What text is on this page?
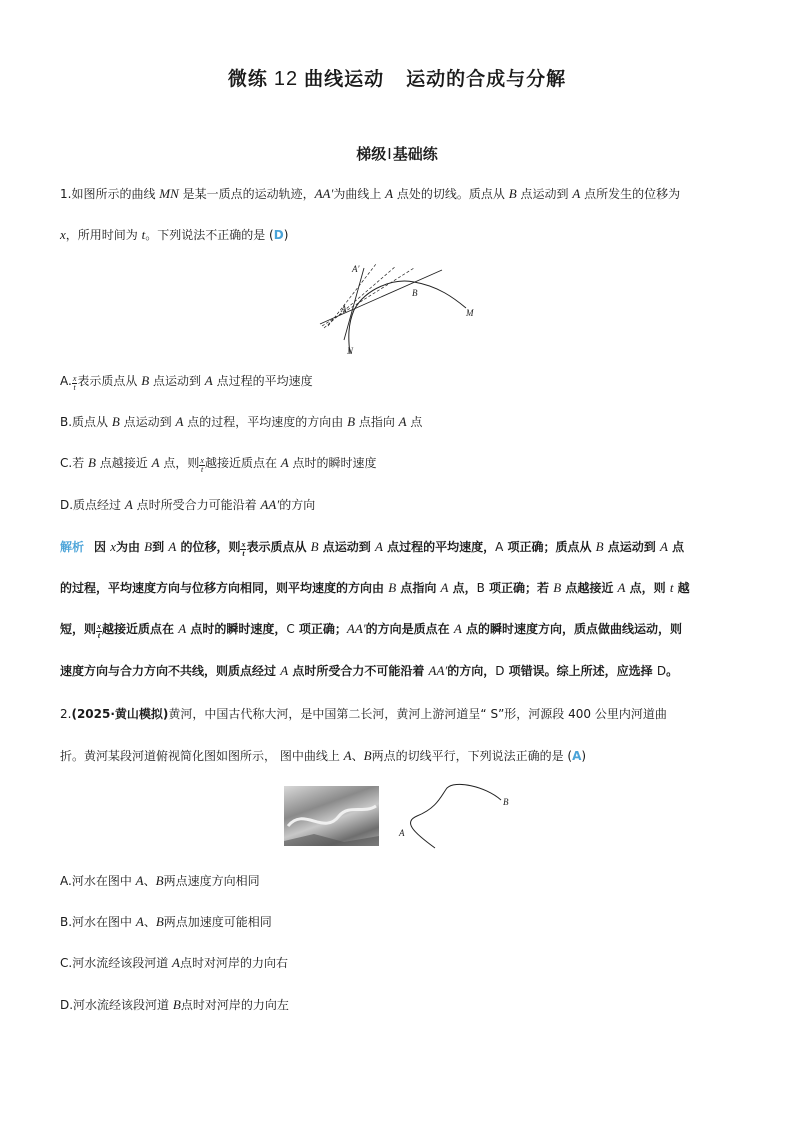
微练 12 曲线运动 运动的合成与分解
梯级Ⅰ基础练
1.如图所示的曲线 MN 是某一质点的运动轨迹，AA′为曲线上 A 点处的切线。质点从 B 点运动到 A 点所发生的位移为
x，所用时间为 t。下列说法不正确的是 (D)
A′
A
B
M
N
A. $\frac{x}{t}$ 表示质点从 B 点运动到 A 点过程的平均速度
B.质点从 B 点运动到 A 点的过程，平均速度的方向由 B 点指向 A 点
C.若 B 点越接近 A 点，则 $\frac{x}{t}$ 越接近质点在 A 点时的瞬时速度
D.质点经过 A 点时所受合力可能沿着 AA′的方向
解析 因 x为由 B到 A 的位移，则 $\frac{x}{t}$ 表示质点从 B 点运动到 A 点过程的平均速度，A 项正确；质点从 B 点运动到 A 点
的过程，平均速度方向与位移方向相同，则平均速度的方向由 B 点指向 A 点，B 项正确；若 B 点越接近 A 点，则 t 越
短，则 $\frac{x}{t}$ 越接近质点在 A 点时的瞬时速度，C 项正确；AA′的方向是质点在 A 点的瞬时速度方向，质点做曲线运动，则
速度方向与合力方向不共线，则质点经过 A 点时所受合力不可能沿着 AA′的方向，D 项错误。综上所述，应选择 D。
2.(2025·黄山模拟)黄河，中国古代称大河，是中国第二长河，黄河上游河道呈“ S”形，河源段 400 公里内河道曲
折。黄河某段河道俯视简化图如图所示， 图中曲线上 A、B两点的切线平行，下列说法正确的是 (A)
A
B
A.河水在图中 A、B两点速度方向相同
B.河水在图中 A、B两点加速度可能相同
C.河水流经该段河道 A点时对河岸的力向右
D.河水流经该段河道 B点时对河岸的力向左
